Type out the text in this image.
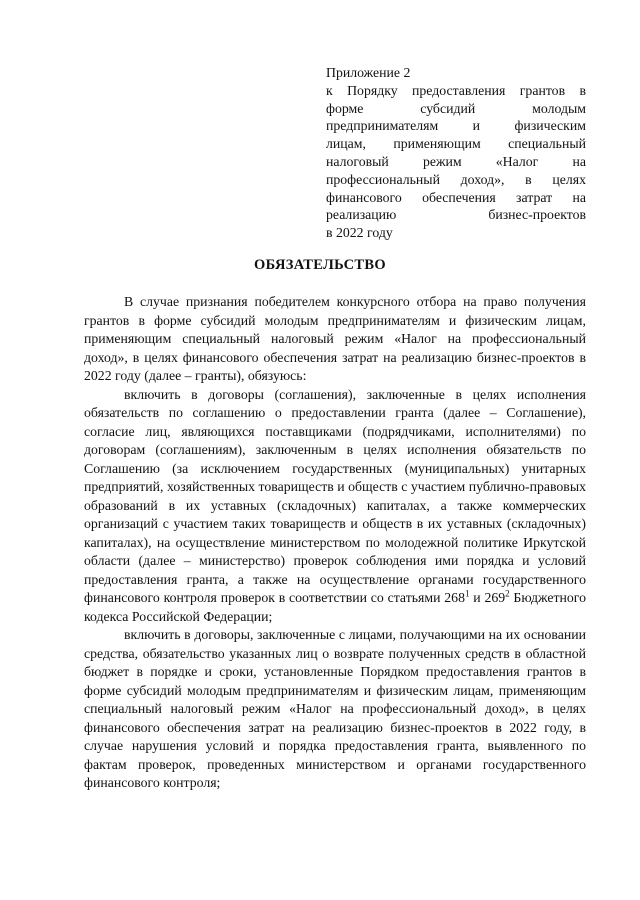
Приложение 2
к Порядку предоставления грантов в
форме субсидий молодым
предпринимателям и физическим
лицам, применяющим специальный
налоговый режим «Налог на
профессиональный доход», в целях
финансового обеспечения затрат на
реализацию бизнес-проектов
в 2022 году
ОБЯЗАТЕЛЬСТВО

В случае признания победителем конкурсного отбора на право получения грантов в форме субсидий молодым предпринимателям и физическим лицам, применяющим специальный налоговый режим «Налог на профессиональный доход», в целях финансового обеспечения затрат на реализацию бизнес-проектов в 2022 году (далее – гранты), обязуюсь:

включить в договоры (соглашения), заключенные в целях исполнения обязательств по соглашению о предоставлении гранта (далее – Соглашение), согласие лиц, являющихся поставщиками (подрядчиками, исполнителями) по договорам (соглашениям), заключенным в целях исполнения обязательств по Соглашению (за исключением государственных (муниципальных) унитарных предприятий, хозяйственных товариществ и обществ с участием публично-правовых образований в их уставных (складочных) капиталах, а также коммерческих организаций с участием таких товариществ и обществ в их уставных (складочных) капиталах), на осуществление министерством по молодежной политике Иркутской области (далее – министерство) проверок соблюдения ими порядка и условий предоставления гранта, а также на осуществление органами государственного финансового контроля проверок в соответствии со статьями $268^1$ и $269^2$ Бюджетного кодекса Российской Федерации;

включить в договоры, заключенные с лицами, получающими на их основании средства, обязательство указанных лиц о возврате полученных средств в областной бюджет в порядке и сроки, установленные Порядком предоставления грантов в форме субсидий молодым предпринимателям и физическим лицам, применяющим специальный налоговый режим «Налог на профессиональный доход», в целях финансового обеспечения затрат на реализацию бизнес-проектов в 2022 году, в случае нарушения условий и порядка предоставления гранта, выявленного по фактам проверок, проведенных министерством и органами государственного финансового контроля;
